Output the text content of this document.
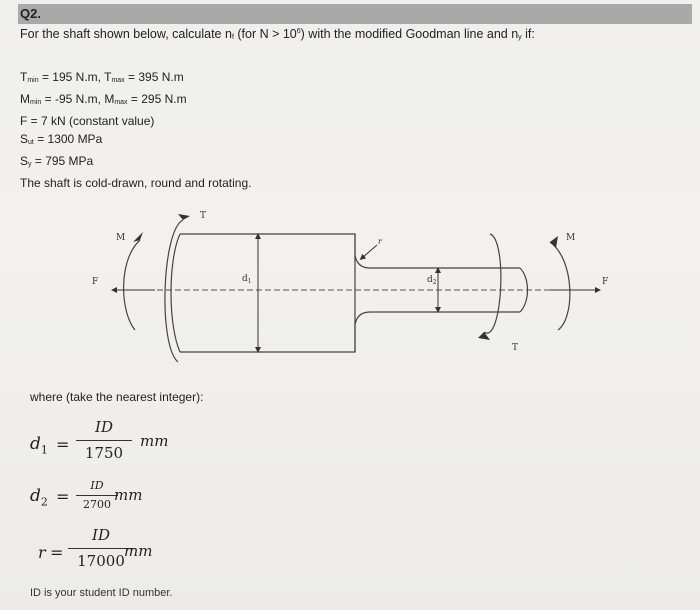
Q2.
For the shaft shown below, calculate $n_f$ (for $N > 10^6$) with the modified Goodman line and $n_y$ if:
$T_{min} = 195$ N.m, $T_{max} = 395$ N.m
$M_{min} = -95$ N.m, $M_{max} = 295$ N.m
F = 7 kN (constant value)
$S_{ut} = 1300$ MPa
$S_y = 795$ MPa
The shaft is cold-drawn, round and rotating.
$d_1$	$d_2$
r
T
M
F
T
M
F
where (take the nearest integer):
$d_1$ =
ID
1750
mm
$d_2$ =
ID
2700
mm
r =
ID
17000
mm
ID is your student ID number.
